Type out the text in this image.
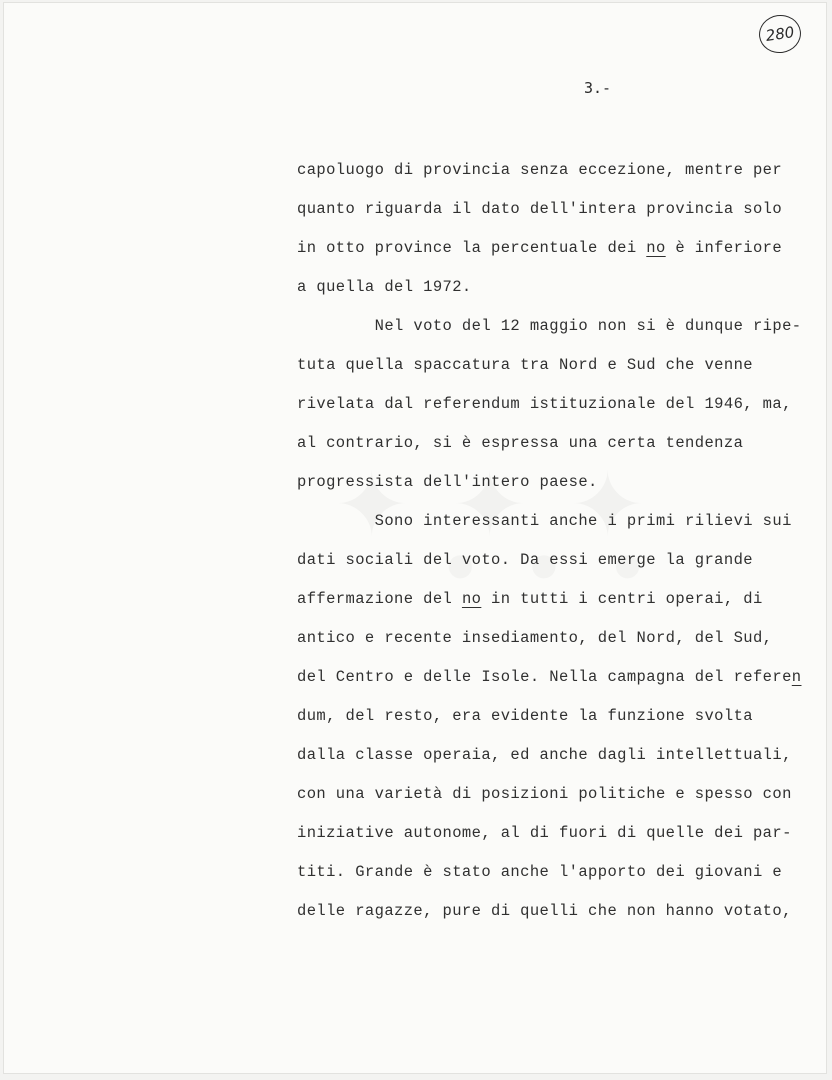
280
3.-
capoluogo di provincia senza eccezione, mentre per
quanto riguarda il dato dell'intera provincia solo
in otto province la percentuale dei no è inferiore
a quella del 1972.
Nel voto del 12 maggio non si è dunque ripe-
tuta quella spaccatura tra Nord e Sud che venne
rivelata dal referendum istituzionale del 1946, ma,
al contrario, si è espressa una certa tendenza
progressista dell'intero paese.
Sono interessanti anche i primi rilievi sui
dati sociali del voto. Da essi emerge la grande
affermazione del no in tutti i centri operai, di
antico e recente insediamento, del Nord, del Sud,
del Centro e delle Isole. Nella campagna del referen
dum, del resto, era evidente la funzione svolta
dalla classe operaia, ed anche dagli intellettuali,
con una varietà di posizioni politiche e spesso con
iniziative autonome, al di fuori di quelle dei par-
titi. Grande è stato anche l'apporto dei giovani e
delle ragazze, pure di quelli che non hanno votato,
